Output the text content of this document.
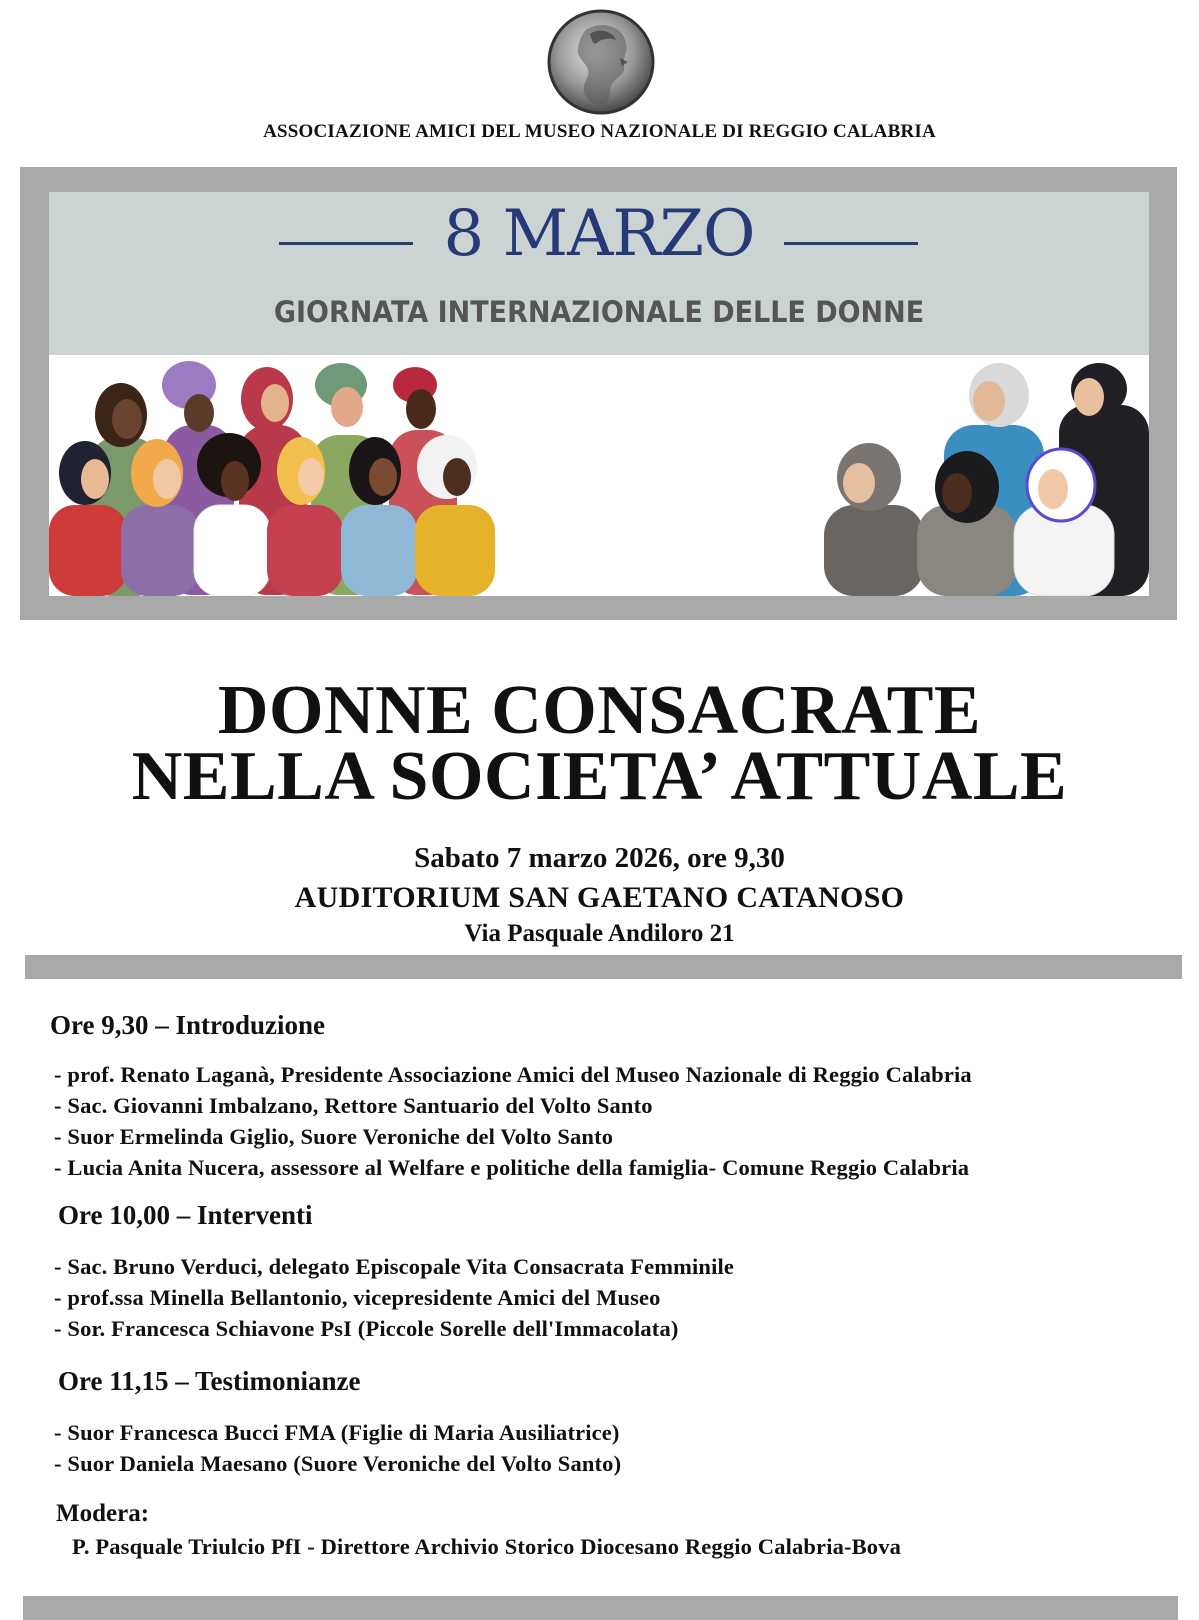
ASSOCIAZIONE AMICI DEL MUSEO NAZIONALE DI REGGIO CALABRIA
8 MARZO
GIORNATA INTERNAZIONALE DELLE DONNE
DONNE CONSACRATE
NELLA SOCIETA’ ATTUALE
Sabato 7 marzo 2026, ore 9,30
AUDITORIUM SAN GAETANO CATANOSO
Via Pasquale Andiloro 21
Ore 9,30 – Introduzione
- prof. Renato Laganà, Presidente Associazione Amici del Museo Nazionale di Reggio Calabria
- Sac. Giovanni Imbalzano, Rettore Santuario del Volto Santo
- Suor Ermelinda Giglio, Suore Veroniche del Volto Santo
- Lucia Anita Nucera, assessore al Welfare e politiche della famiglia- Comune Reggio Calabria
Ore 10,00 – Interventi
- Sac. Bruno Verduci, delegato Episcopale Vita Consacrata Femminile
- prof.ssa Minella Bellantonio, vicepresidente Amici del Museo
- Sor. Francesca Schiavone PsI (Piccole Sorelle dell'Immacolata)
Ore 11,15 – Testimonianze
- Suor Francesca Bucci FMA (Figlie di Maria Ausiliatrice)
- Suor Daniela Maesano (Suore Veroniche del Volto Santo)
Modera:
P. Pasquale Triulcio PfI - Direttore Archivio Storico Diocesano Reggio Calabria-Bova
